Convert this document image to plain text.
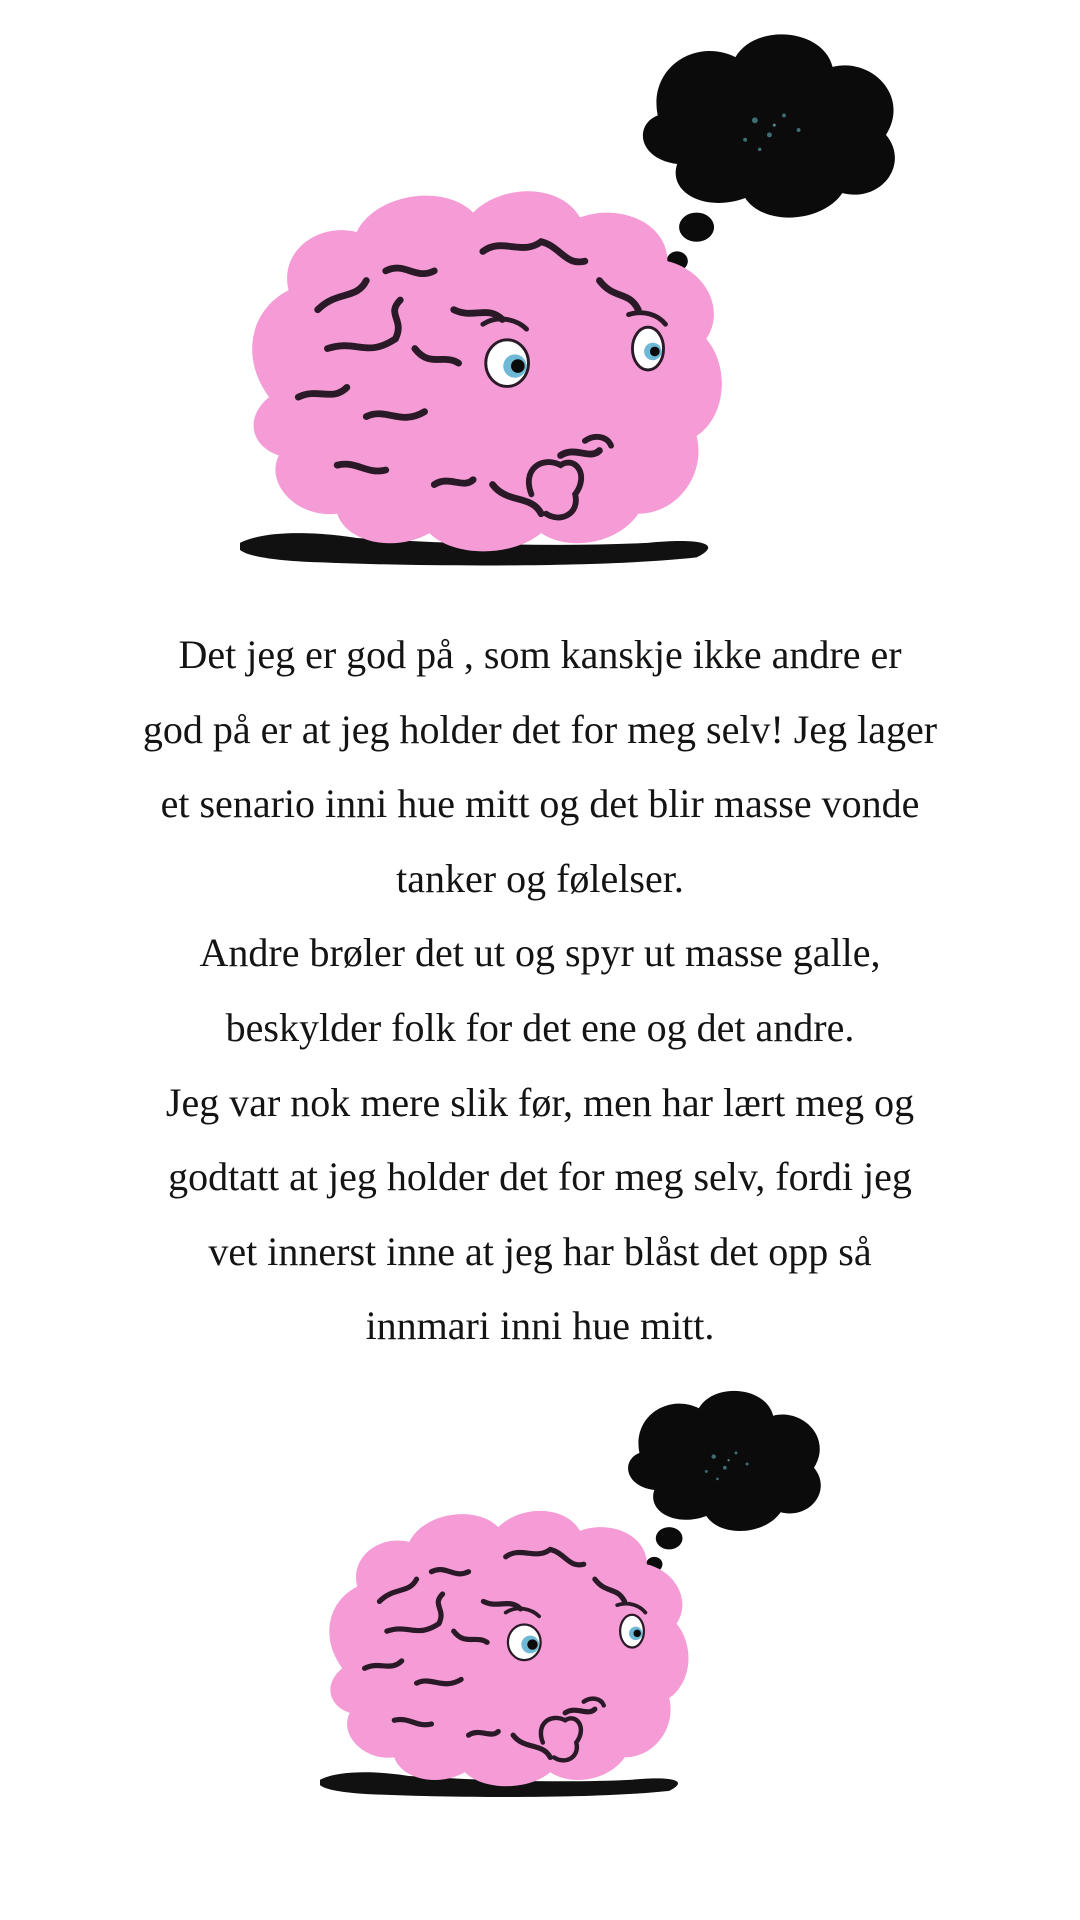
Det jeg er god på , som kanskje ikke andre er
god på er at jeg holder det for meg selv! Jeg lager
et senario inni hue mitt og det blir masse vonde
tanker og følelser.
Andre brøler det ut og spyr ut masse galle,
beskylder folk for det ene og det andre.
Jeg var nok mere slik før, men har lært meg og
godtatt at jeg holder det for meg selv, fordi jeg
vet innerst inne at jeg har blåst det opp så
innmari inni hue mitt.
